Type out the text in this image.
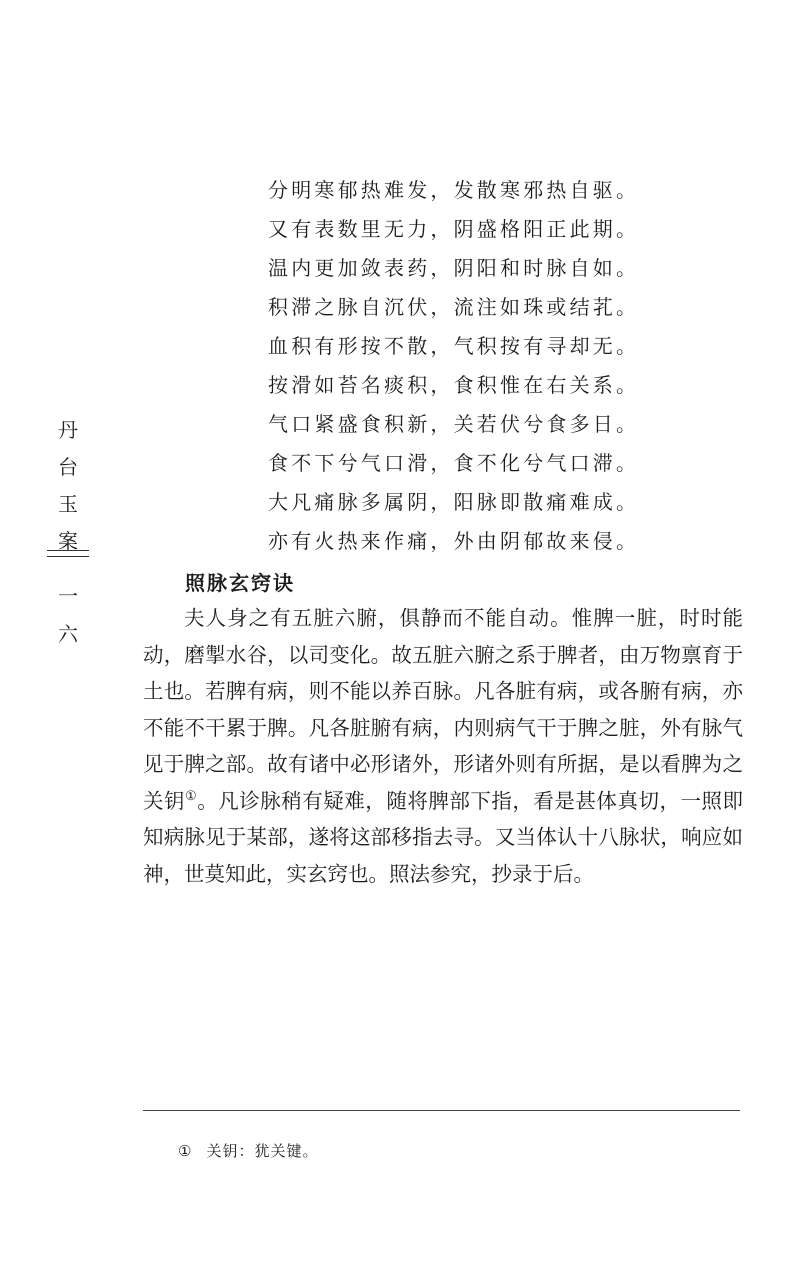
分明寒郁热难发，发散寒邪热自驱。
又有表数里无力，阴盛格阳正此期。
温内更加敛表药，阴阳和时脉自如。
积滞之脉自沉伏，流注如珠或结芤。
血积有形按不散，气积按有寻却无。
按滑如苔名痰积，食积惟在右关系。
气口紧盛食积新，关若伏兮食多日。
食不下兮气口滑，食不化兮气口滞。
大凡痛脉多属阴，阳脉即散痛难成。
亦有火热来作痛，外由阴郁故来侵。
丹
台
玉
案
一
六
照脉玄窍诀

夫人身之有五脏六腑，俱静而不能自动。惟脾一脏，时时能动，磨掣水谷，以司变化。故五脏六腑之系于脾者，由万物禀育于土也。若脾有病，则不能以养百脉。凡各脏有病，或各腑有病，亦不能不干累于脾。凡各脏腑有病，内则病气干于脾之脏，外有脉气见于脾之部。故有诸中必形诸外，形诸外则有所据，是以看脾为之关钥①。凡诊脉稍有疑难，随将脾部下指，看是甚体真切，一照即知病脉见于某部，遂将这部移指去寻。又当体认十八脉状，响应如神，世莫知此，实玄窍也。照法参究，抄录于后。

① 关钥：犹关键。
